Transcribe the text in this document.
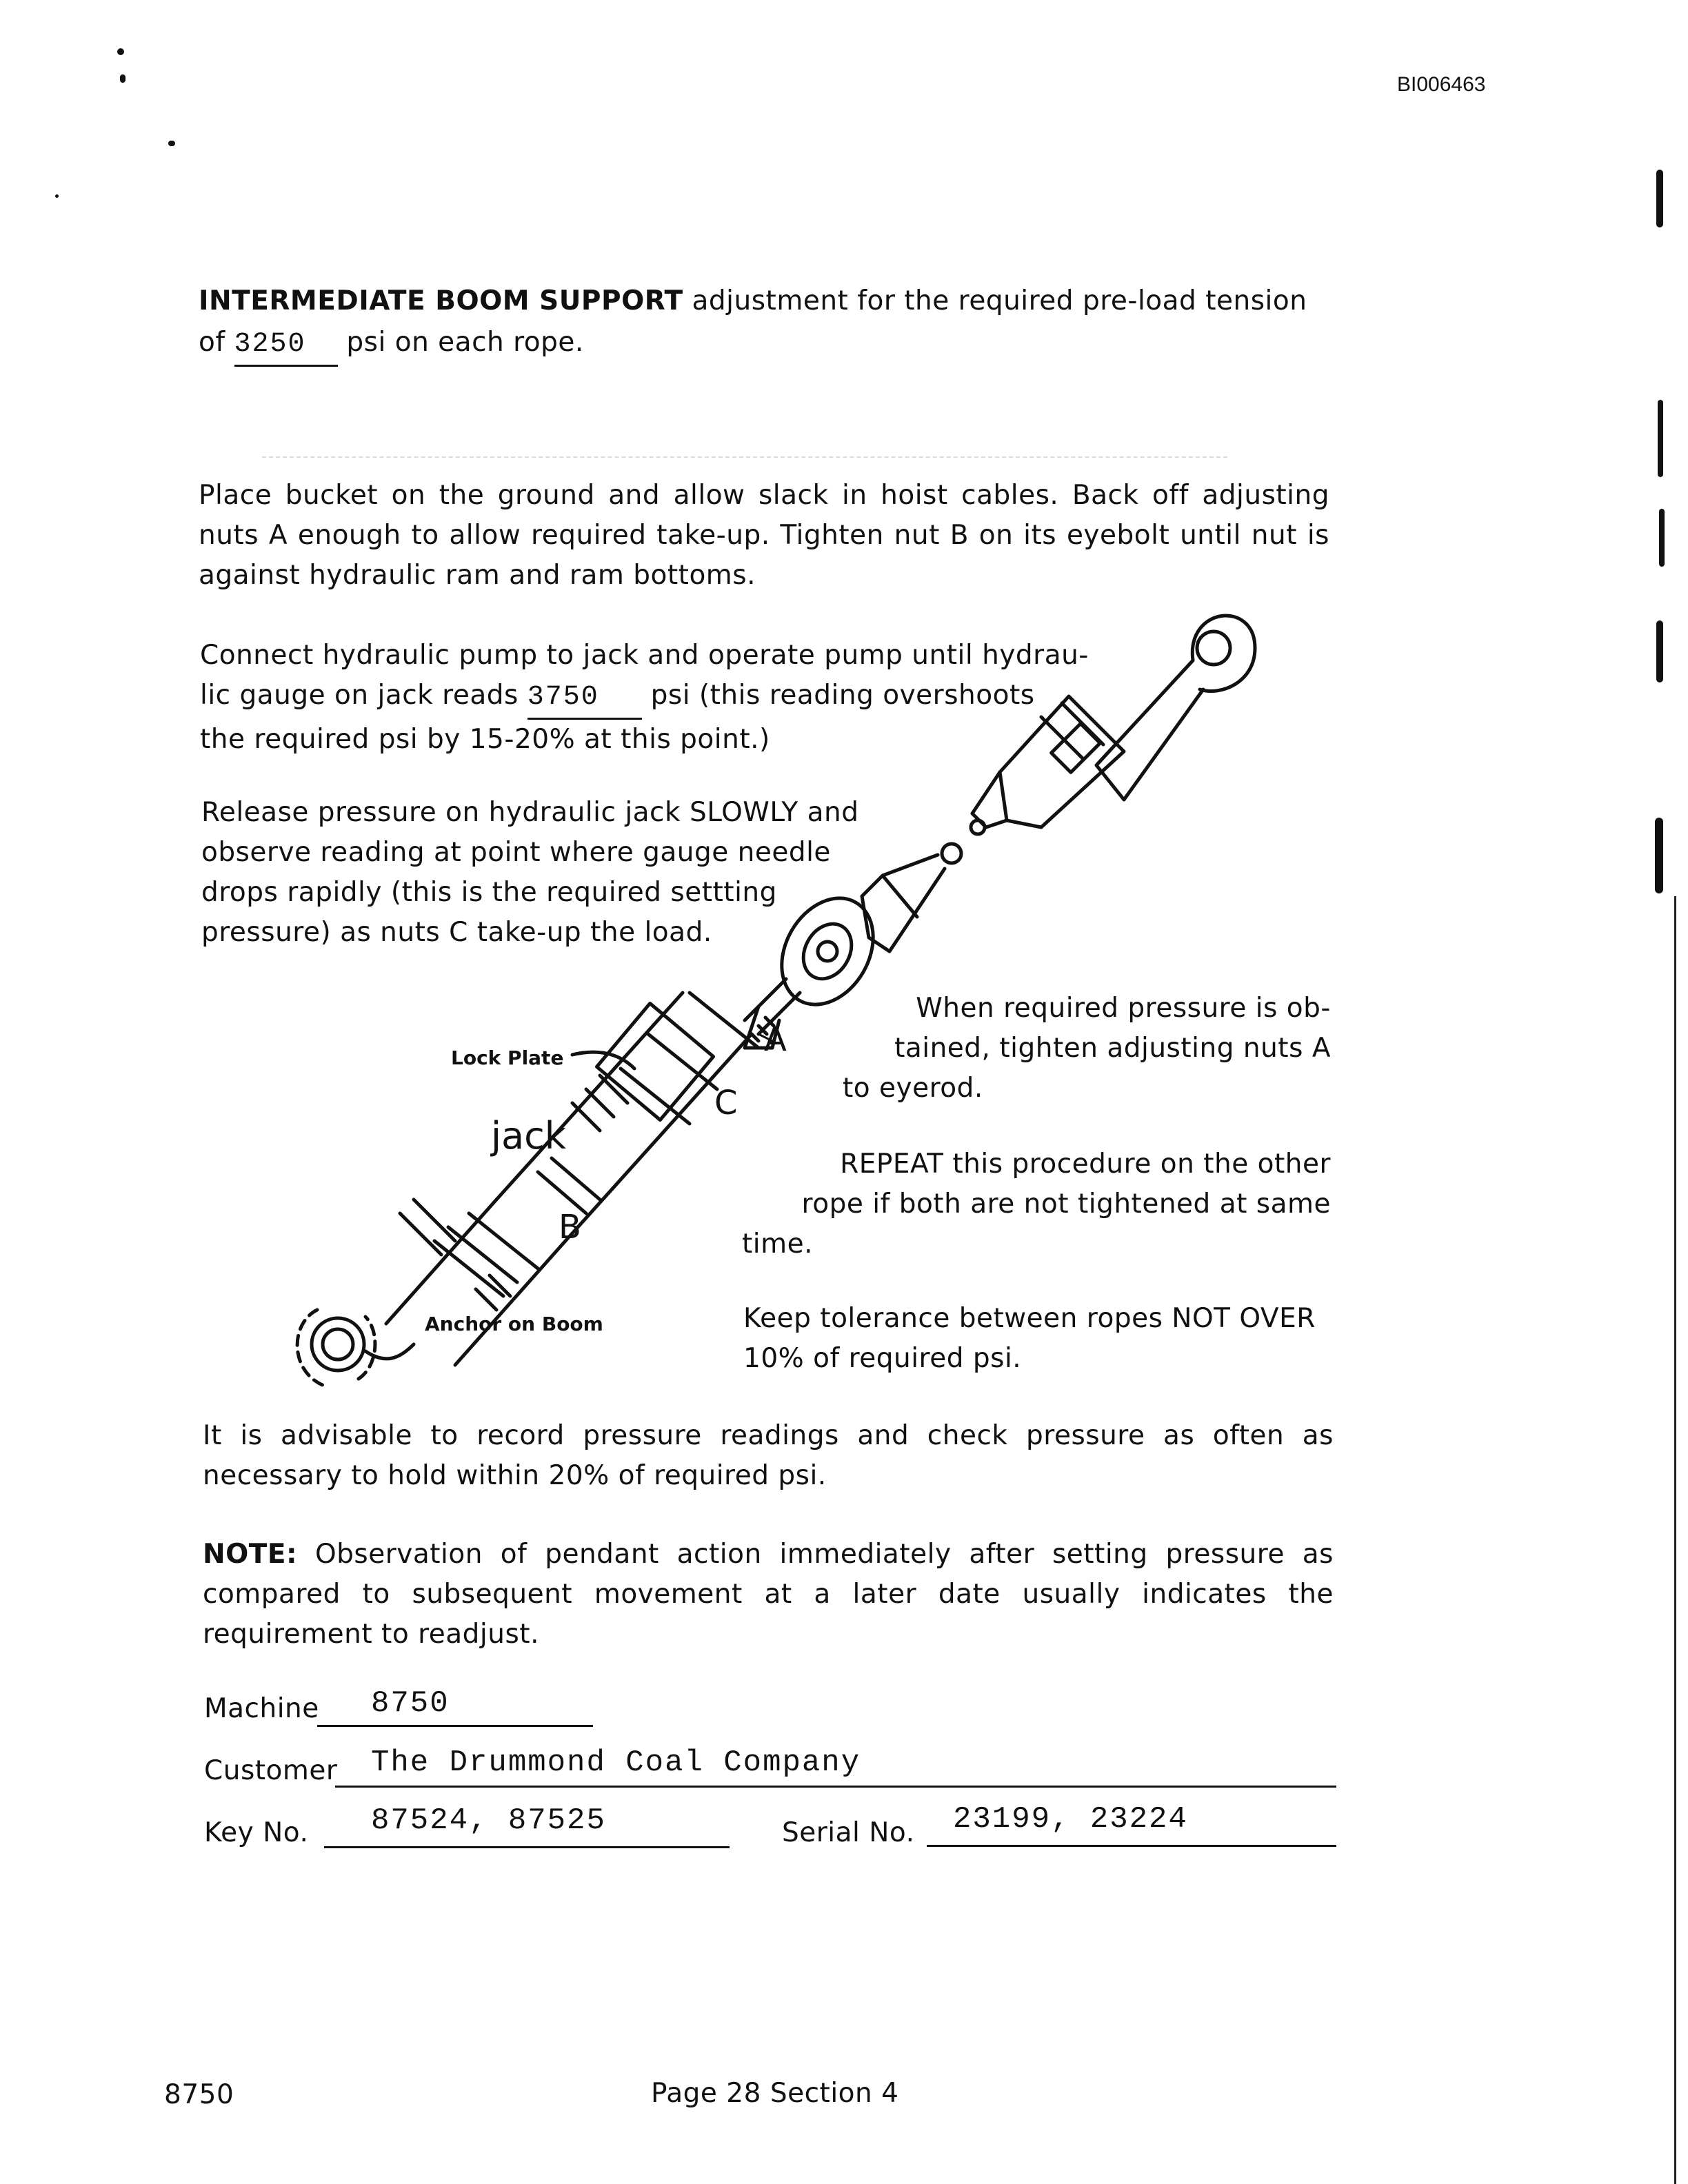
BI006463
INTERMEDIATE BOOM SUPPORT adjustment for the required pre-load tension
of 3250 psi on each rope.
Place bucket on the ground and allow slack in hoist cables. Back off adjusting nuts A enough to allow required take-up. Tighten nut B on its eyebolt until nut is against hydraulic ram and ram bottoms.
Connect hydraulic pump to jack and operate pump until hydrau-
lic gauge on jack reads 3750 psi (this reading overshoots
the required psi by 15-20% at this point.)
Release pressure on hydraulic jack SLOWLY and
observe reading at point where gauge needle
drops rapidly (this is the required settting
pressure) as nuts C take-up the load.
Lock Plate
jack
Anchor on Boom
A
C
B
When required pressure is ob-
tained, tighten adjusting nuts A
to eyerod.
REPEAT this procedure on the other
rope if both are not tightened at same
time.
Keep tolerance between ropes NOT OVER
10% of required psi.
It is advisable to record pressure readings and check pressure as often as necessary to hold within 20% of required psi.
NOTE: Observation of pendant action immediately after setting pressure as compared to subsequent movement at a later date usually indicates the requirement to readjust.
Machine 8750
Customer The Drummond Coal Company
Key No. 87524, 87525	Serial No. 23199, 23224
8750	Page 28 Section 4
